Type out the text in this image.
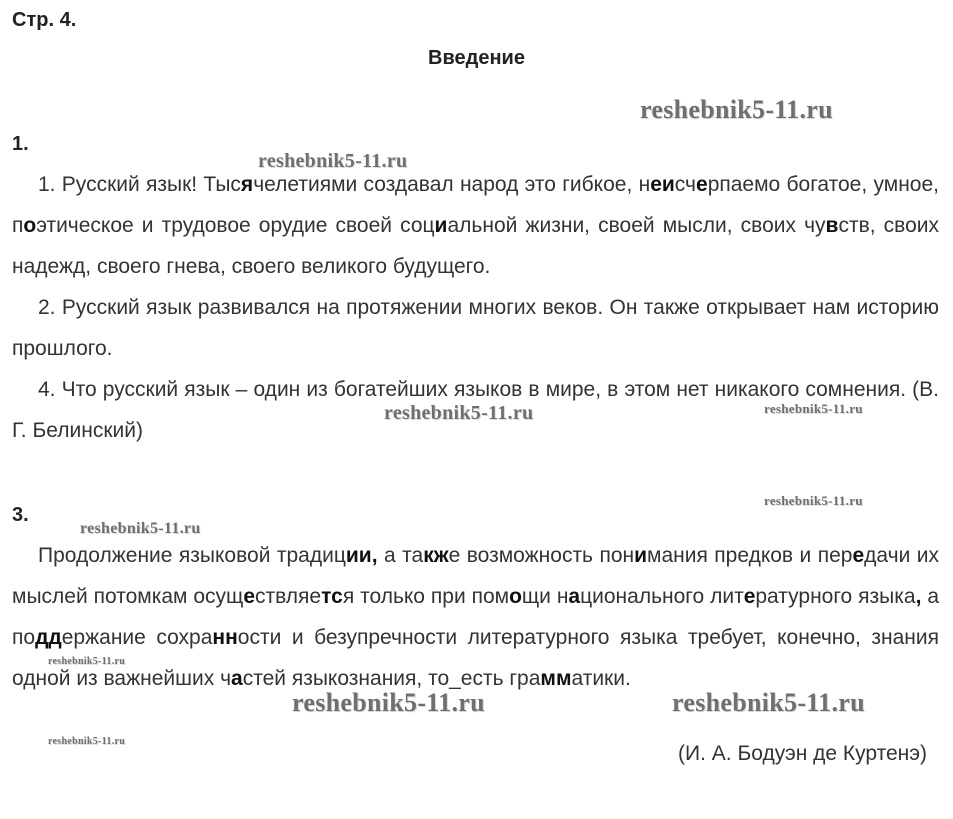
Стр. 4.
Введение
1.

1. Русский язык! Тысячелетиями создавал народ это гибкое, неисчерпаемо богатое, умное, поэтическое и трудовое орудие своей социальной жизни, своей мысли, своих чувств, своих надежд, своего гнева, своего великого будущего.

2. Русский язык развивался на протяжении многих веков. Он также открывает нам историю прошлого.

4. Что русский язык – один из богатейших языков в мире, в этом нет никакого сомнения. (В. Г. Белинский)

3.

Продолжение языковой традиции, а также возможность понимания предков и передачи их мыслей потомкам осуществляется только при помощи национального литературного языка, а поддержание сохранности и безупречности литературного языка требует, конечно, знания одной из важнейших частей языкознания, то_есть грамматики.

(И. А. Бодуэн де Куртенэ)
reshebnik5-11.ru
reshebnik5-11.ru
reshebnik5-11.ru	reshebnik5-11.ru
reshebnik5-11.ru
reshebnik5-11.ru
reshebnik5-11.ru
reshebnik5-11.ru	reshebnik5-11.ru
reshebnik5-11.ru
